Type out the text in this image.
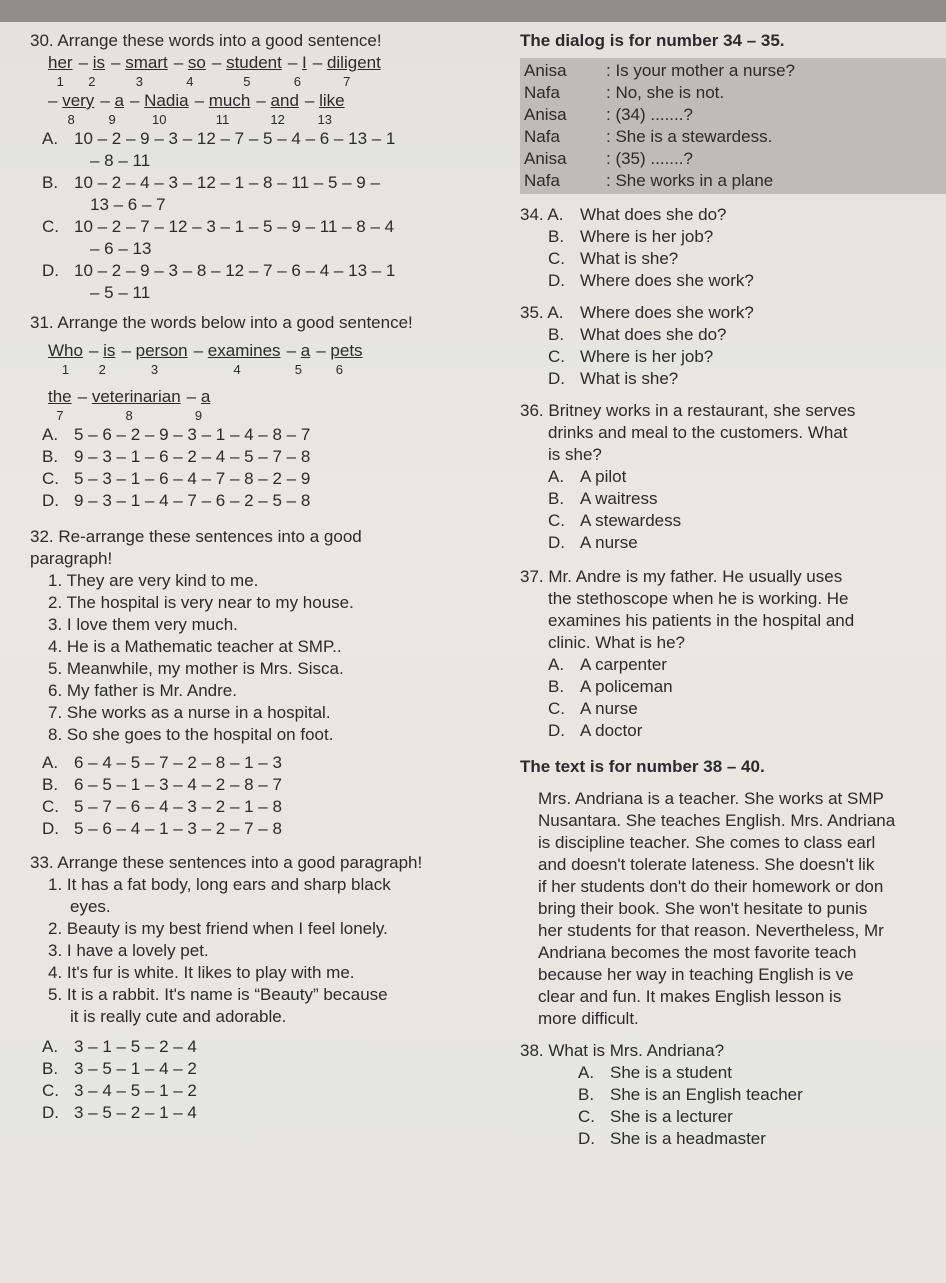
30. Arrange these words into a good sentence!

her
1
– is
2
– smart
3
– so
4
– student
5
– I
6
– diligent
7
– very
8
– a
9
– Nadia
10
– much
11
– and
12
– like
13
A. 10 – 2 – 9 – 3 – 12 – 7 – 5 – 4 – 6 – 13 – 1
– 8 – 11
B. 10 – 2 – 4 – 3 – 12 – 1 – 8 – 11 – 5 – 9 –
13 – 6 – 7
C. 10 – 2 – 7 – 12 – 3 – 1 – 5 – 9 – 11 – 8 – 4
– 6 – 13
D. 10 – 2 – 9 – 3 – 8 – 12 – 7 – 6 – 4 – 13 – 1
– 5 – 11

31. Arrange the words below into a good sentence!

Who
1
– is
2
– person
3
– examines
4
– a
5
– pets
6
the
7
– veterinarian
8
– a
9
A. 5 – 6 – 2 – 9 – 3 – 1 – 4 – 8 – 7
B. 9 – 3 – 1 – 6 – 2 – 4 – 5 – 7 – 8
C. 5 – 3 – 1 – 6 – 4 – 7 – 8 – 2 – 9
D. 9 – 3 – 1 – 4 – 7 – 6 – 2 – 5 – 8

32. Re-arrange these sentences into a good

paragraph!

1. They are very kind to me.
2. The hospital is very near to my house.
3. I love them very much.
4. He is a Mathematic teacher at SMP..
5. Meanwhile, my mother is Mrs. Sisca.
6. My father is Mr. Andre.
7. She works as a nurse in a hospital.
8. So she goes to the hospital on foot.
A. 6 – 4 – 5 – 7 – 2 – 8 – 1 – 3
B. 6 – 5 – 1 – 3 – 4 – 2 – 8 – 7
C. 5 – 7 – 6 – 4 – 3 – 2 – 1 – 8
D. 5 – 6 – 4 – 1 – 3 – 2 – 7 – 8

33. Arrange these sentences into a good paragraph!

1. It has a fat body, long ears and sharp black
eyes.
2. Beauty is my best friend when I feel lonely.
3. I have a lovely pet.
4. It's fur is white. It likes to play with me.
5. It is a rabbit. It's name is “Beauty” because
it is really cute and adorable.
A. 3 – 1 – 5 – 2 – 4
B. 3 – 5 – 1 – 4 – 2
C. 3 – 4 – 5 – 1 – 2
D. 3 – 5 – 2 – 1 – 4

The dialog is for number 34 – 35.

Anisa	: Is your mother a nurse?
Nafa	: No, she is not.
Anisa	: (34) .......?
Nafa	: She is a stewardess.
Anisa	: (35) .......?
Nafa	: She works in a plane
34. A. What does she do?
B. Where is her job?
C. What is she?
D. Where does she work?
35. A. Where does she work?
B. What does she do?
C. Where is her job?
D. What is she?
36. Britney works in a restaurant, she serves
drinks and meal to the customers. What
is she?
A. A pilot
B. A waitress
C. A stewardess
D. A nurse
37. Mr. Andre is my father. He usually uses
the stethoscope when he is working. He
examines his patients in the hospital and
clinic. What is he?
A. A carpenter
B. A policeman
C. A nurse
D. A doctor

The text is for number 38 – 40.

Mrs. Andriana is a teacher. She works at SMP
Nusantara. She teaches English. Mrs. Andriana
is discipline teacher. She comes to class earl
and doesn't tolerate lateness. She doesn't lik
if her students don't do their homework or don
bring their book. She won't hesitate to punis
her students for that reason. Nevertheless, Mr
Andriana becomes the most favorite teach
because her way in teaching English is ve
clear and fun. It makes English lesson is
more difficult.

38. What is Mrs. Andriana?

A. She is a student
B. She is an English teacher
C. She is a lecturer
D. She is a headmaster
